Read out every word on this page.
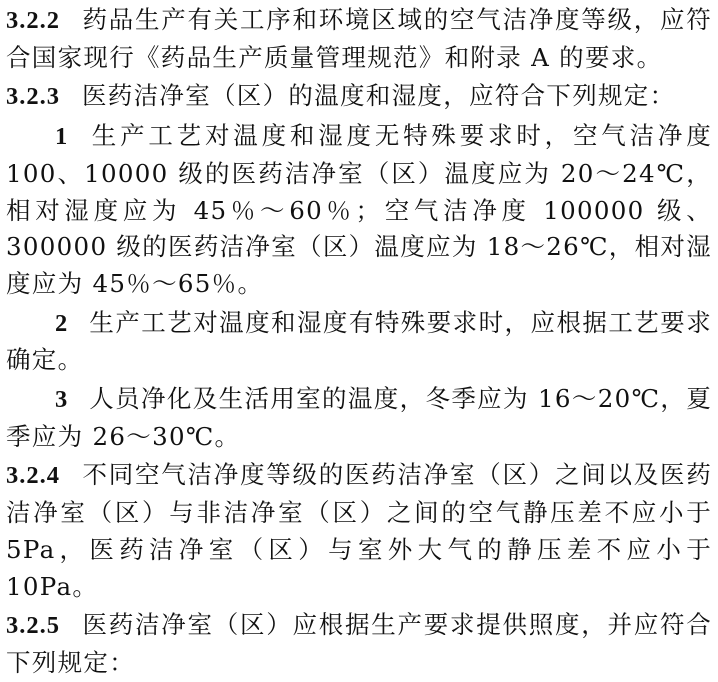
3.2.2 药品生产有关工序和环境区域的空气洁净度等级，应符合国家现行《药品生产质量管理规范》和附录 A 的要求。

3.2.3 医药洁净室（区）的温度和湿度，应符合下列规定：

1 生产工艺对温度和湿度无特殊要求时，空气洁净度 100、10000 级的医药洁净室（区）温度应为 20～24℃，相对湿度应为 45％～60％；空气洁净度 100000 级、300000 级的医药洁净室（区）温度应为 18～26℃，相对湿度应为 45％～65％。

2 生产工艺对温度和湿度有特殊要求时，应根据工艺要求确定。

3 人员净化及生活用室的温度，冬季应为 16～20℃，夏季应为 26～30℃。

3.2.4 不同空气洁净度等级的医药洁净室（区）之间以及医药洁净室（区）与非洁净室（区）之间的空气静压差不应小于 5Pa，医药洁净室（区）与室外大气的静压差不应小于 10Pa。

3.2.5 医药洁净室（区）应根据生产要求提供照度，并应符合下列规定：
